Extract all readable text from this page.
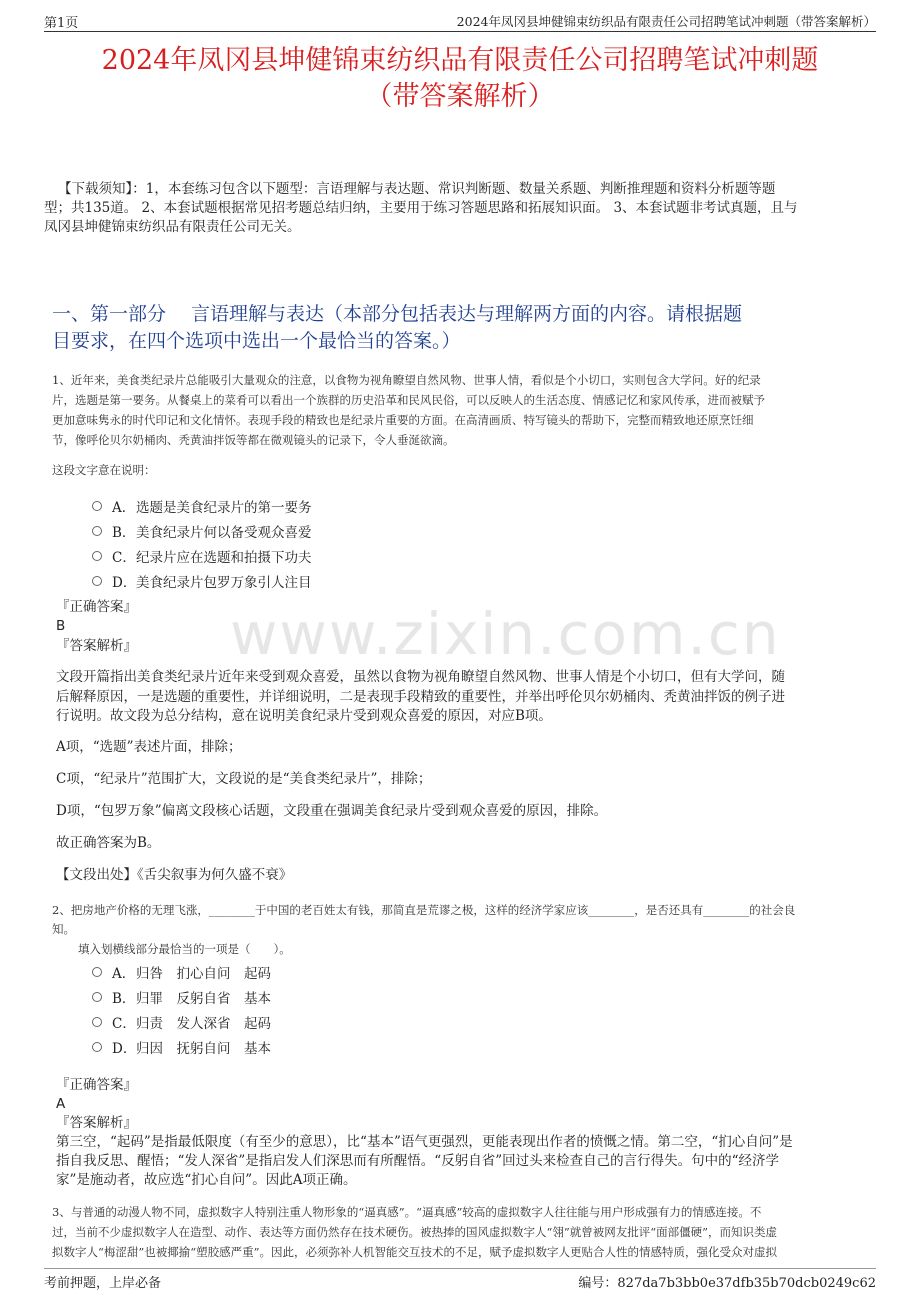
第1页	2024年凤冈县坤健锦束纺织品有限责任公司招聘笔试冲刺题（带答案解析）
www.zixin.com.cn
2024年凤冈县坤健锦束纺织品有限责任公司招聘笔试冲刺题
（带答案解析）
【下载须知】：1，本套练习包含以下题型：言语理解与表达题、常识判断题、数量关系题、判断推理题和资料分析题等题
型；共135道。 2、本套试题根据常见招考题总结归纳，主要用于练习答题思路和拓展知识面。 3、本套试题非考试真题，且与
凤冈县坤健锦束纺织品有限责任公司无关。
一、第一部分　 言语理解与表达（本部分包括表达与理解两方面的内容。请根据题
目要求，在四个选项中选出一个最恰当的答案。）
1、近年来，美食类纪录片总能吸引大量观众的注意，以食物为视角瞭望自然风物、世事人情，看似是个小切口，实则包含大学问。好的纪录
片，选题是第一要务。从餐桌上的菜肴可以看出一个族群的历史沿革和民风民俗，可以反映人的生活态度、情感记忆和家风传承，进而被赋予
更加意味隽永的时代印记和文化情怀。表现手段的精致也是纪录片重要的方面。在高清画质、特写镜头的帮助下，完整而精致地还原烹饪细
节，像呼伦贝尔奶桶肉、秃黄油拌饭等都在微观镜头的记录下，令人垂涎欲滴。
这段文字意在说明：
A． 选题是美食纪录片的第一要务
B． 美食纪录片何以备受观众喜爱
C． 纪录片应在选题和拍摄下功夫
D． 美食纪录片包罗万象引人注目
『正确答案』
B
『答案解析』
文段开篇指出美食类纪录片近年来受到观众喜爱，虽然以食物为视角瞭望自然风物、世事人情是个小切口，但有大学问，随
后解释原因，一是选题的重要性，并详细说明，二是表现手段精致的重要性，并举出呼伦贝尔奶桶肉、秃黄油拌饭的例子进
行说明。故文段为总分结构，意在说明美食纪录片受到观众喜爱的原因，对应B项。
A项，“选题”表述片面，排除；
C项，“纪录片”范围扩大，文段说的是“美食类纪录片”，排除；
D项，“包罗万象”偏离文段核心话题，文段重在强调美食纪录片受到观众喜爱的原因，排除。
故正确答案为B。
【文段出处】《舌尖叙事为何久盛不衰》
2、把房地产价格的无理飞涨，________于中国的老百姓太有钱，那简直是荒谬之极，这样的经济学家应该________，是否还具有________的社会良
知。
填入划横线部分最恰当的一项是（　　）。
A． 归咎　扪心自问　起码
B． 归罪　反躬自省　基本
C． 归责　发人深省　起码
D． 归因　抚躬自问　基本
『正确答案』
A
『答案解析』
第三空，“起码”是指最低限度（有至少的意思），比“基本”语气更强烈，更能表现出作者的愤慨之情。第二空，“扪心自问”是
指自我反思、醒悟；“发人深省”是指启发人们深思而有所醒悟。“反躬自省”回过头来检查自己的言行得失。句中的“经济学
家”是施动者，故应选“扪心自问”。因此A项正确。
3、与普通的动漫人物不同，虚拟数字人特别注重人物形象的“逼真感”。“逼真感”较高的虚拟数字人往往能与用户形成强有力的情感连接。不
过，当前不少虚拟数字人在造型、动作、表达等方面仍然存在技术硬伤。被热捧的国风虚拟数字人“翎”就曾被网友批评“面部僵硬”，而知识类虚
拟数字人“梅涩甜”也被揶揄“塑胶感严重”。因此，必须弥补人机智能交互技术的不足，赋予虚拟数字人更贴合人性的情感特质，强化受众对虚拟
考前押题，上岸必备	编号：827da7b3bb0e37dfb35b70dcb0249c62
